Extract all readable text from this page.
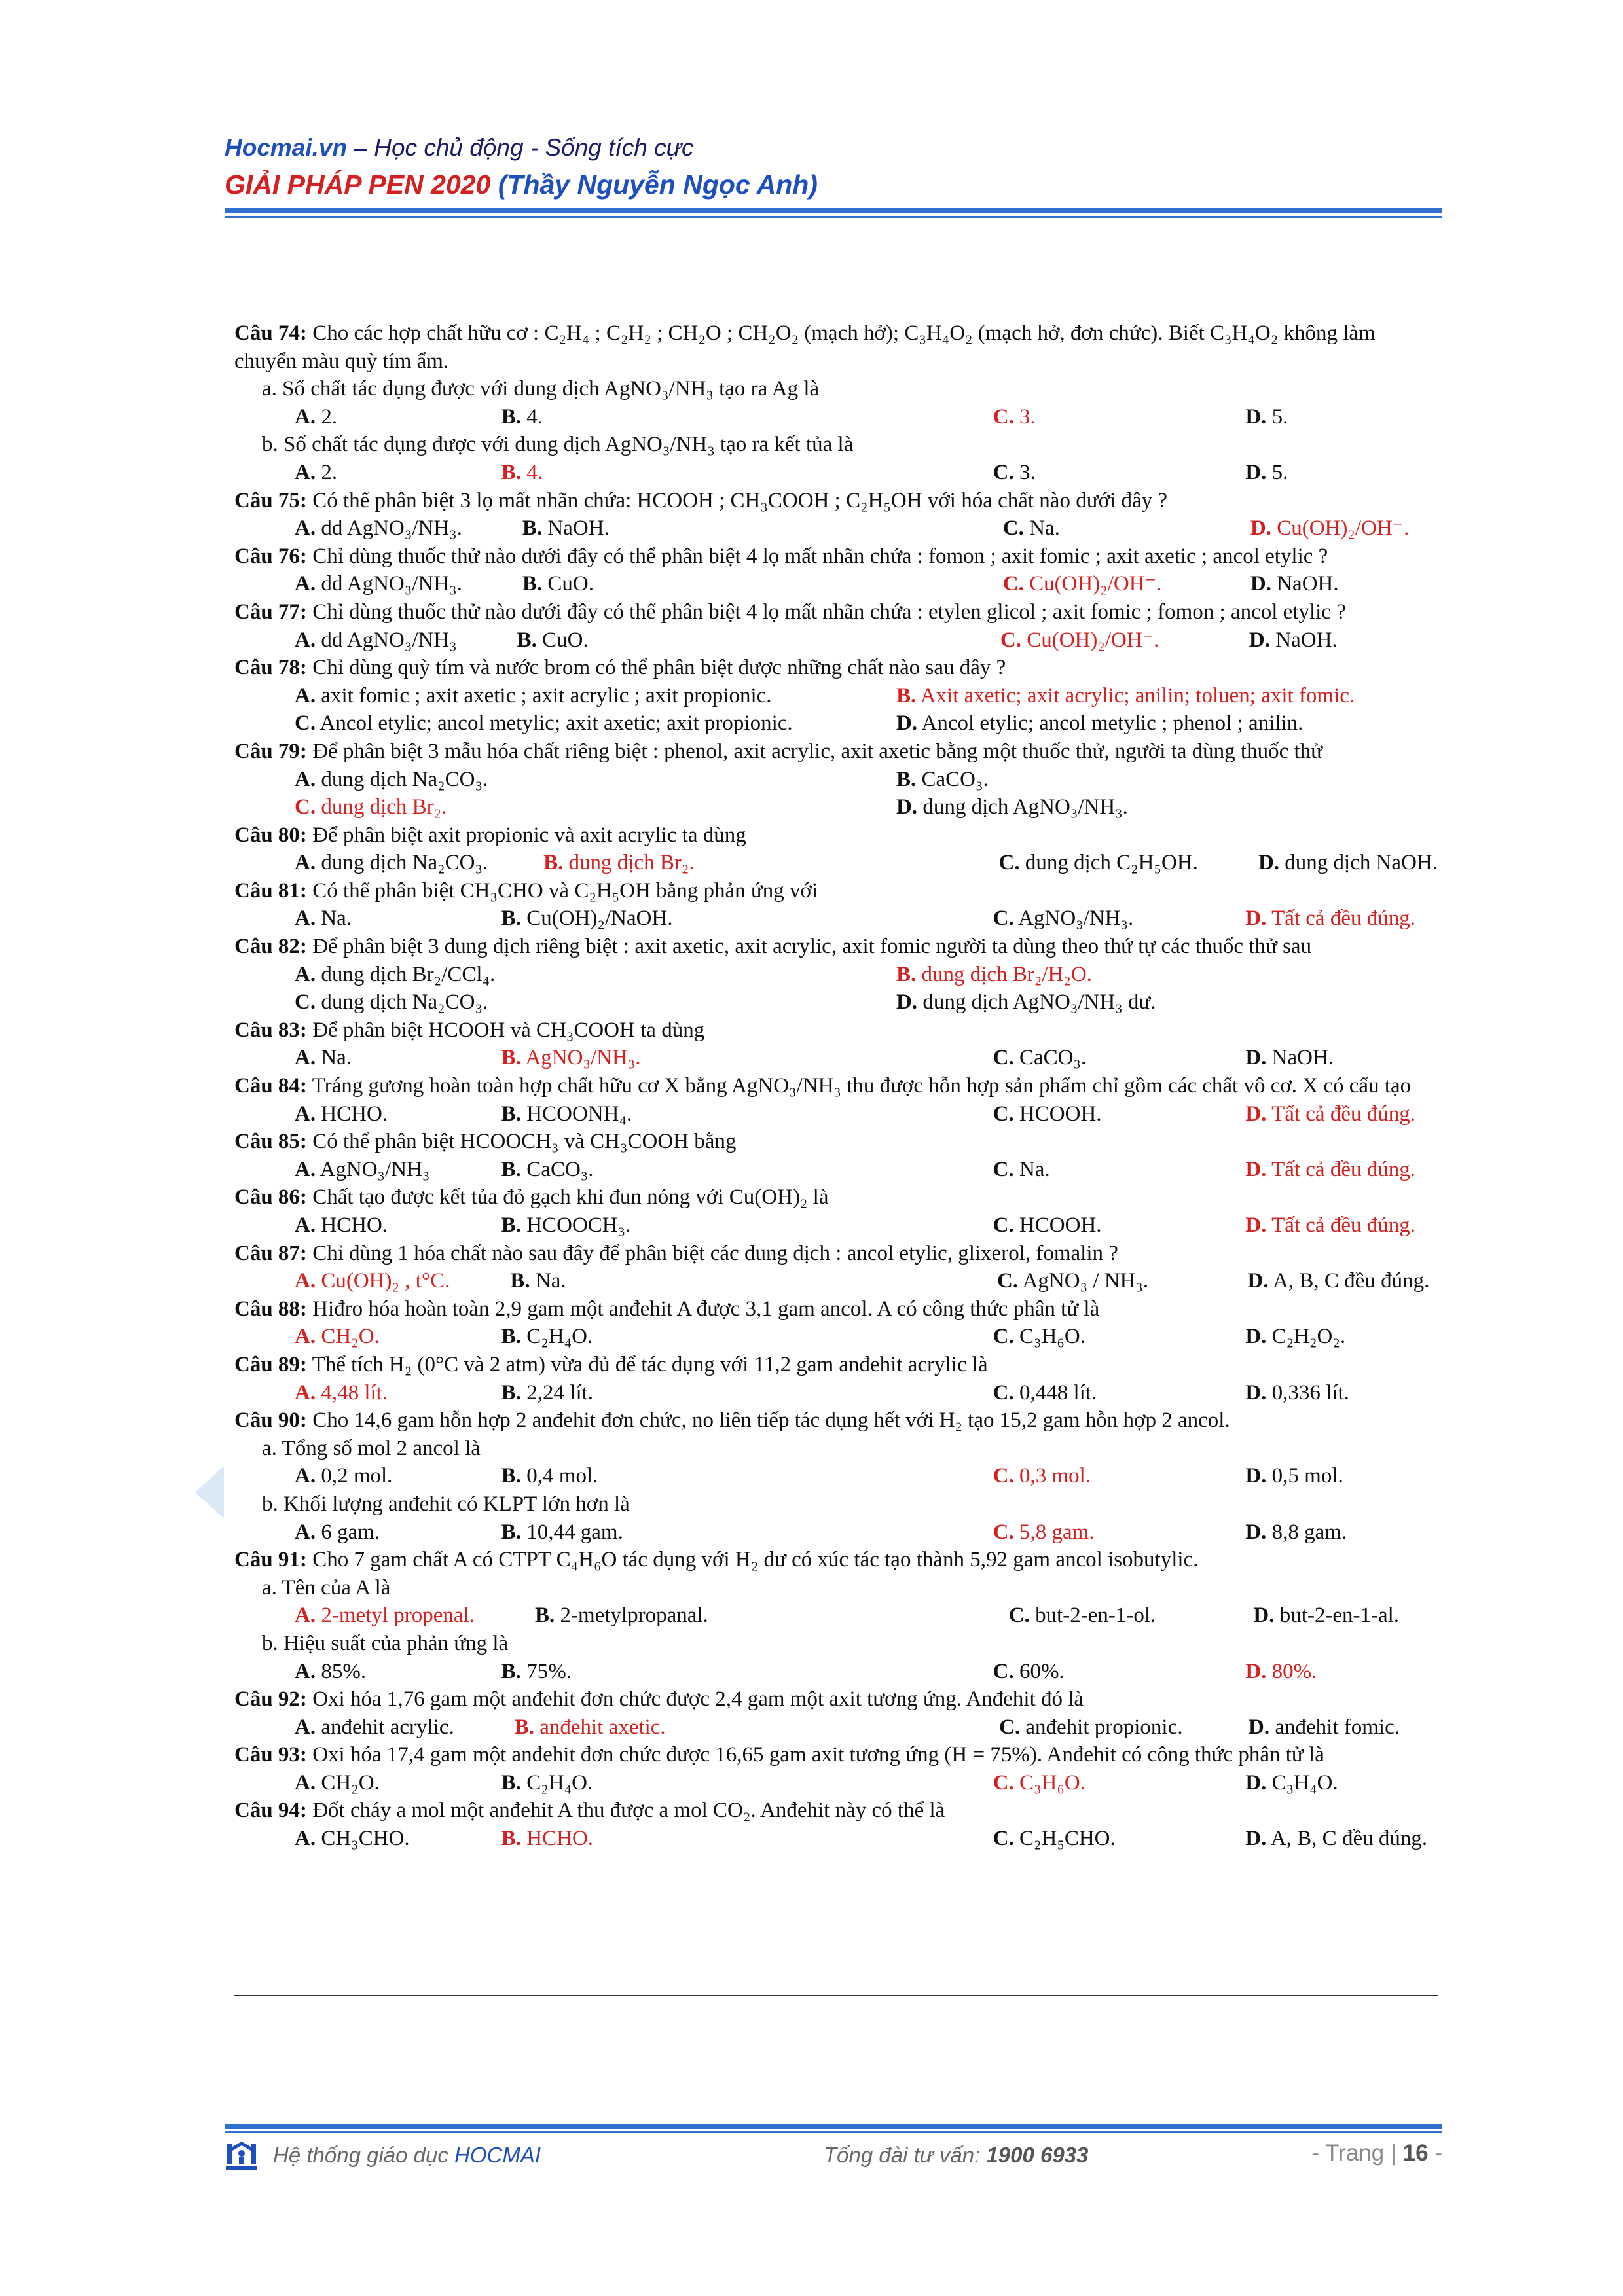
Hocmai.vn – Học chủ động - Sống tích cực
GIẢI PHÁP PEN 2020 (Thầy Nguyễn Ngọc Anh)
Câu 74: Cho các hợp chất hữu cơ : C₂H₄ ; C₂H₂ ; CH₂O ; CH₂O₂ (mạch hở); C₃H₄O₂ (mạch hở, đơn chức). Biết C₃H₄O₂ không làm chuyển màu quỳ tím ẩm.
a. Số chất tác dụng được với dung dịch AgNO₃/NH₃ tạo ra Ag là
A. 2.	B. 4.	C. 3.	D. 5.
b. Số chất tác dụng được với dung dịch AgNO₃/NH₃ tạo ra kết tủa là
A. 2.	B. 4.	C. 3.	D. 5.
Câu 75: Có thể phân biệt 3 lọ mất nhãn chứa: HCOOH ; CH₃COOH ; C₂H₅OH với hóa chất nào dưới đây ?
A. dd AgNO₃/NH₃.	B. NaOH.	C. Na.	D. Cu(OH)₂/OH⁻.
Câu 76: Chỉ dùng thuốc thử nào dưới đây có thể phân biệt 4 lọ mất nhãn chứa : fomon ; axit fomic ; axit axetic ; ancol etylic ?
A. dd AgNO₃/NH₃.	B. CuO.	C. Cu(OH)₂/OH⁻.	D. NaOH.
Câu 77: Chỉ dùng thuốc thử nào dưới đây có thể phân biệt 4 lọ mất nhãn chứa : etylen glicol ; axit fomic ; fomon ; ancol etylic ?
A. dd AgNO₃/NH₃	B. CuO.	C. Cu(OH)₂/OH⁻.	D. NaOH.
Câu 78: Chỉ dùng quỳ tím và nước brom có thể phân biệt được những chất nào sau đây ?
A. axit fomic ; axit axetic ; axit acrylic ; axit propionic.	B. Axit axetic; axit acrylic; anilin; toluen; axit fomic.
C. Ancol etylic; ancol metylic; axit axetic; axit propionic.	D. Ancol etylic; ancol metylic ; phenol ; anilin.
Câu 79: Để phân biệt 3 mẫu hóa chất riêng biệt : phenol, axit acrylic, axit axetic bằng một thuốc thử, người ta dùng thuốc thử
A. dung dịch Na₂CO₃.	B. CaCO₃.
C. dung dịch Br₂.	D. dung dịch AgNO₃/NH₃.
Câu 80: Để phân biệt axit propionic và axit acrylic ta dùng
A. dung dịch Na₂CO₃.	B. dung dịch Br₂.	C. dung dịch C₂H₅OH.	D. dung dịch NaOH.
Câu 81: Có thể phân biệt CH₃CHO và C₂H₅OH bằng phản ứng với
A. Na.	B. Cu(OH)₂/NaOH.	C. AgNO₃/NH₃.	D. Tất cả đều đúng.
Câu 82: Để phân biệt 3 dung dịch riêng biệt : axit axetic, axit acrylic, axit fomic người ta dùng theo thứ tự các thuốc thử sau
A. dung dịch Br₂/CCl₄.	B. dung dịch Br₂/H₂O.
C. dung dịch Na₂CO₃.	D. dung dịch AgNO₃/NH₃ dư.
Câu 83: Để phân biệt HCOOH và CH₃COOH ta dùng
A. Na.	B. AgNO₃/NH₃.	C. CaCO₃.	D. NaOH.
Câu 84: Tráng gương hoàn toàn hợp chất hữu cơ X bằng AgNO₃/NH₃ thu được hỗn hợp sản phẩm chỉ gồm các chất vô cơ. X có cấu tạo
A. HCHO.	B. HCOONH₄.	C. HCOOH.	D. Tất cả đều đúng.
Câu 85: Có thể phân biệt HCOOCH₃ và CH₃COOH bằng
A. AgNO₃/NH₃	B. CaCO₃.	C. Na.	D. Tất cả đều đúng.
Câu 86: Chất tạo được kết tủa đỏ gạch khi đun nóng với Cu(OH)₂ là
A. HCHO.	B. HCOOCH₃.	C. HCOOH.	D. Tất cả đều đúng.
Câu 87: Chỉ dùng 1 hóa chất nào sau đây để phân biệt các dung dịch : ancol etylic, glixerol, fomalin ?
A. Cu(OH)₂ , t°C.	B. Na.	C. AgNO₃ / NH₃.	D. A, B, C đều đúng.
Câu 88: Hiđro hóa hoàn toàn 2,9 gam một anđehit A được 3,1 gam ancol. A có công thức phân tử là
A. CH₂O.	B. C₂H₄O.	C. C₃H₆O.	D. C₂H₂O₂.
Câu 89: Thể tích H₂ (0°C và 2 atm) vừa đủ để tác dụng với 11,2 gam anđehit acrylic là
A. 4,48 lít.	B. 2,24 lít.	C. 0,448 lít.	D. 0,336 lít.
Câu 90: Cho 14,6 gam hỗn hợp 2 anđehit đơn chức, no liên tiếp tác dụng hết với H₂ tạo 15,2 gam hỗn hợp 2 ancol.
a. Tổng số mol 2 ancol là
A. 0,2 mol.	B. 0,4 mol.	C. 0,3 mol.	D. 0,5 mol.
b. Khối lượng anđehit có KLPT lớn hơn là
A. 6 gam.	B. 10,44 gam.	C. 5,8 gam.	D. 8,8 gam.
Câu 91: Cho 7 gam chất A có CTPT C₄H₆O tác dụng với H₂ dư có xúc tác tạo thành 5,92 gam ancol isobutylic.
a. Tên của A là
A. 2-metyl propenal.	B. 2-metylpropanal.	C. but-2-en-1-ol.	D. but-2-en-1-al.
b. Hiệu suất của phản ứng là
A. 85%.	B. 75%.	C. 60%.	D. 80%.
Câu 92: Oxi hóa 1,76 gam một anđehit đơn chức được 2,4 gam một axit tương ứng. Anđehit đó là
A. anđehit acrylic.	B. anđehit axetic.	C. anđehit propionic.	D. anđehit fomic.
Câu 93: Oxi hóa 17,4 gam một anđehit đơn chức được 16,65 gam axit tương ứng (H = 75%). Anđehit có công thức phân tử là
A. CH₂O.	B. C₂H₄O.	C. C₃H₆O.	D. C₃H₄O.
Câu 94: Đốt cháy a mol một anđehit A thu được a mol CO₂. Anđehit này có thể là
A. CH₃CHO.	B. HCHO.	C. C₂H₅CHO.	D. A, B, C đều đúng.
Hệ thống giáo dục HOCMAI	Tổng đài tư vấn: 1900 6933	- Trang | 16 -
